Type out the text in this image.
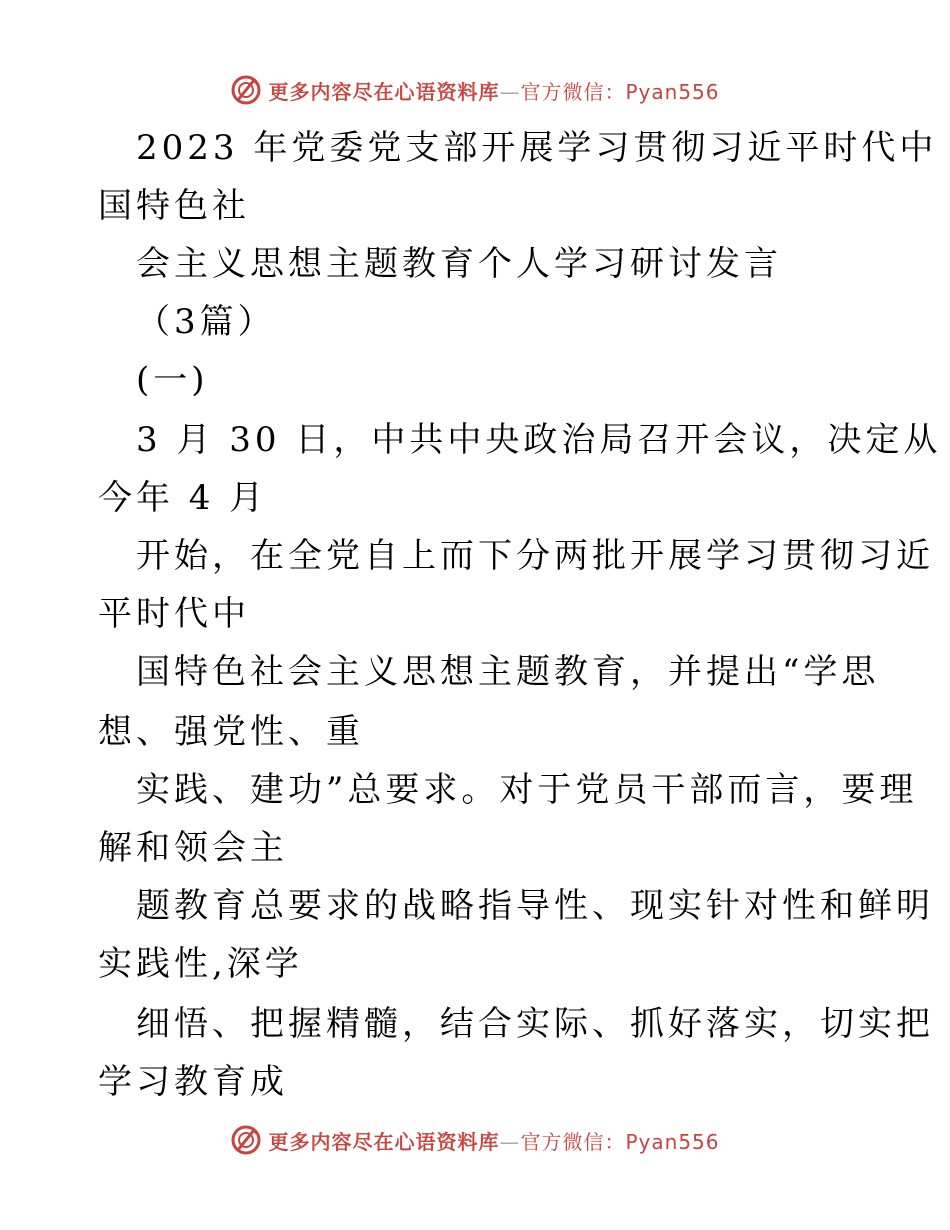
更多内容尽在心语资料库—官方微信：Pyan556
2023 年党委党支部开展学习贯彻习近平时代中
国特色社
会主义思想主题教育个人学习研讨发言
（3篇）
(一)
3 月 30 日，中共中央政治局召开会议，决定从
今年 4 月
开始，在全党自上而下分两批开展学习贯彻习近
平时代中
国特色社会主义思想主题教育，并提出“学思
想、强党性、重
实践、建功”总要求。对于党员干部而言，要理
解和领会主
题教育总要求的战略指导性、现实针对性和鲜明
实践性,深学
细悟、把握精髓，结合实际、抓好落实，切实把
学习教育成
更多内容尽在心语资料库—官方微信：Pyan556
